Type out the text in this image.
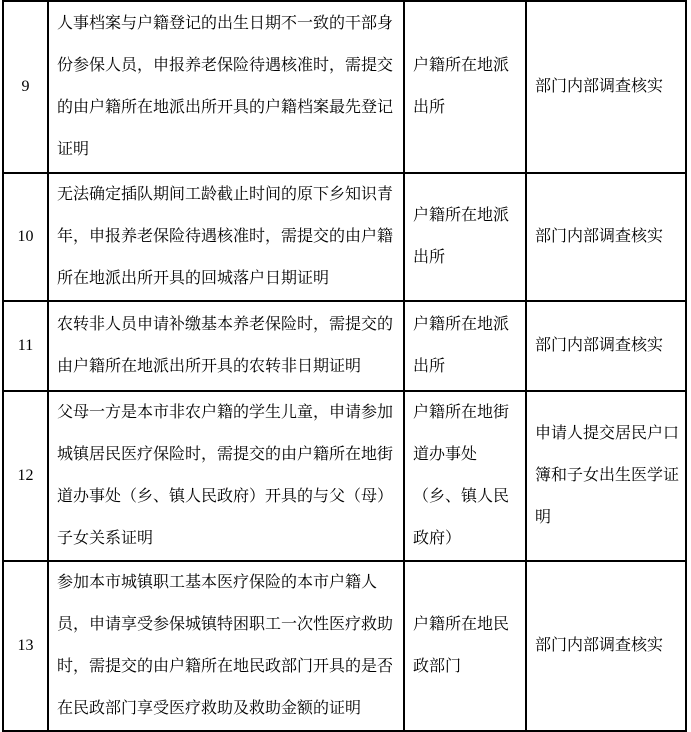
9	人事档案与户籍登记的出生日期不一致的干部身份参保人员，申报养老保险待遇核准时，需提交的由户籍所在地派出所开具的户籍档案最先登记证明	户籍所在地派出所	部门内部调查核实
10	无法确定插队期间工龄截止时间的原下乡知识青年，申报养老保险待遇核准时，需提交的由户籍所在地派出所开具的回城落户日期证明	户籍所在地派出所	部门内部调查核实
11	农转非人员申请补缴基本养老保险时，需提交的由户籍所在地派出所开具的农转非日期证明	户籍所在地派出所	部门内部调查核实
12	父母一方是本市非农户籍的学生儿童，申请参加城镇居民医疗保险时，需提交的由户籍所在地街道办事处（乡、镇人民政府）开具的与父（母）子女关系证明	户籍所在地街道办事处（乡、镇人民政府）	申请人提交居民户口簿和子女出生医学证明
13	参加本市城镇职工基本医疗保险的本市户籍人员，申请享受参保城镇特困职工一次性医疗救助时，需提交的由户籍所在地民政部门开具的是否在民政部门享受医疗救助及救助金额的证明	户籍所在地民政部门	部门内部调查核实
